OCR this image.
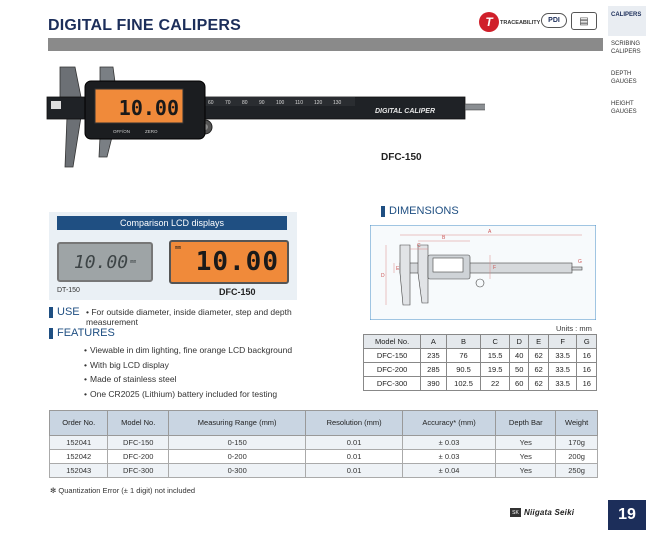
DIGITAL FINE CALIPERS	T	TRACEABILITY	PDI	▤
CALIPERS
SCRIBING CALIPERS
DEPTH GAUGES
HEIGHT GAUGES
60 70 80 90 100 110 120 130
DIGITAL CALIPER
10.00
OFF/ON	ZERO
DFC-150
Comparison LCD displays
10.00 mm
mm 10.00
DT-150	DFC-150
USE • For outside diameter, inside diameter, step and depth measurement
FEATURES
• Viewable in dim lighting, fine orange LCD background
• With big LCD display
• Made of stainless steel
• One CR2025 (Lithium) battery included for testing
DIMENSIONS
A
B
C
D
E	F
G
Units : mm
Model No.	A	B	C	D	E	F	G
DFC-150	235	76	15.5	40	62	33.5	16
DFC-200	285	90.5	19.5	50	62	33.5	16
DFC-300	390	102.5	22	60	62	33.5	16
Order No.	Model No.	Measuring Range (mm)	Resolution (mm)	Accuracy* (mm)	Depth Bar	Weight
152041	DFC-150	0-150	0.01	± 0.03	Yes	170g
152042	DFC-200	0-200	0.01	± 0.03	Yes	200g
152043	DFC-300	0-300	0.01	± 0.04	Yes	250g
✻ Quantization Error (± 1 digit) not included
SK Niigata Seiki	19
